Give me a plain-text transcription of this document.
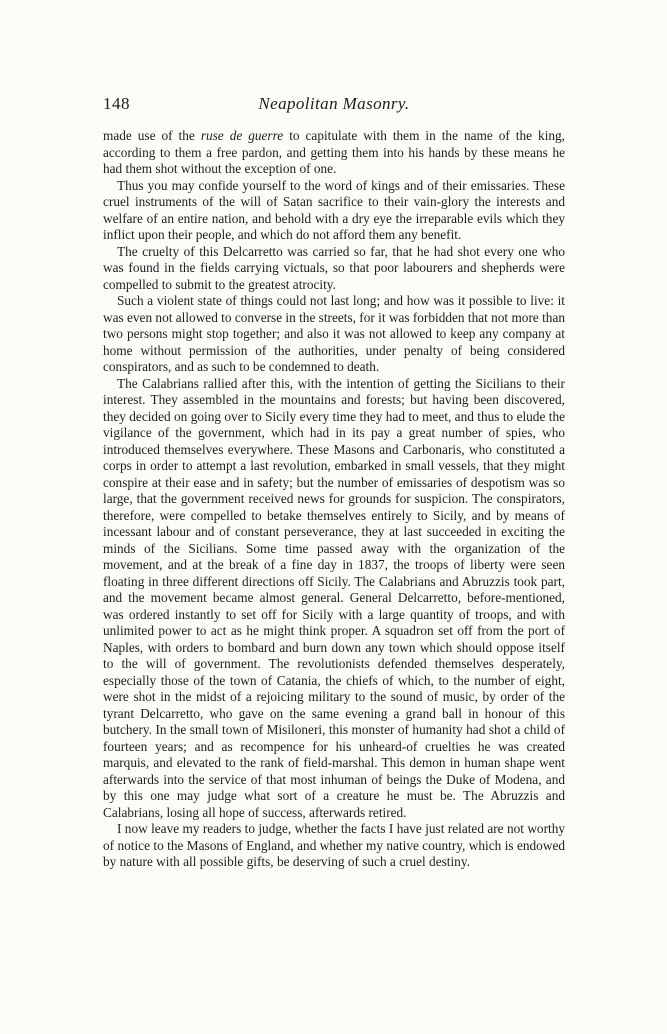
148	Neapolitan Masonry.

made use of the ruse de guerre to capitulate with them in the name of the king, according to them a free pardon, and getting them into his hands by these means he had them shot without the exception of one.

Thus you may confide yourself to the word of kings and of their emissaries. These cruel instruments of the will of Satan sacrifice to their vain-glory the interests and welfare of an entire nation, and behold with a dry eye the irreparable evils which they inflict upon their people, and which do not afford them any benefit.

The cruelty of this Delcarretto was carried so far, that he had shot every one who was found in the fields carrying victuals, so that poor labourers and shepherds were compelled to submit to the greatest atrocity.

Such a violent state of things could not last long; and how was it possible to live: it was even not allowed to converse in the streets, for it was forbidden that not more than two persons might stop together; and also it was not allowed to keep any company at home without permission of the authorities, under penalty of being considered conspirators, and as such to be condemned to death.

The Calabrians rallied after this, with the intention of getting the Sicilians to their interest. They assembled in the mountains and forests; but having been discovered, they decided on going over to Sicily every time they had to meet, and thus to elude the vigilance of the government, which had in its pay a great number of spies, who introduced themselves everywhere. These Masons and Carbonaris, who constituted a corps in order to attempt a last revolution, embarked in small vessels, that they might conspire at their ease and in safety; but the number of emissaries of despotism was so large, that the government received news for grounds for suspicion. The conspirators, therefore, were compelled to betake themselves entirely to Sicily, and by means of incessant labour and of constant perseverance, they at last succeeded in exciting the minds of the Sicilians. Some time passed away with the organization of the movement, and at the break of a fine day in 1837, the troops of liberty were seen floating in three different directions off Sicily. The Calabrians and Abruzzis took part, and the movement became almost general. General Delcarretto, before-mentioned, was ordered instantly to set off for Sicily with a large quantity of troops, and with unlimited power to act as he might think proper. A squadron set off from the port of Naples, with orders to bombard and burn down any town which should oppose itself to the will of government. The revolutionists defended themselves desperately, especially those of the town of Catania, the chiefs of which, to the number of eight, were shot in the midst of a rejoicing military to the sound of music, by order of the tyrant Delcarretto, who gave on the same evening a grand ball in honour of this butchery. In the small town of Misiloneri, this monster of humanity had shot a child of fourteen years; and as recompence for his unheard-of cruelties he was created marquis, and elevated to the rank of field-marshal. This demon in human shape went afterwards into the service of that most inhuman of beings the Duke of Modena, and by this one may judge what sort of a creature he must be. The Abruzzis and Calabrians, losing all hope of success, afterwards retired.

I now leave my readers to judge, whether the facts I have just related are not worthy of notice to the Masons of England, and whether my native country, which is endowed by nature with all possible gifts, be deserving of such a cruel destiny.
